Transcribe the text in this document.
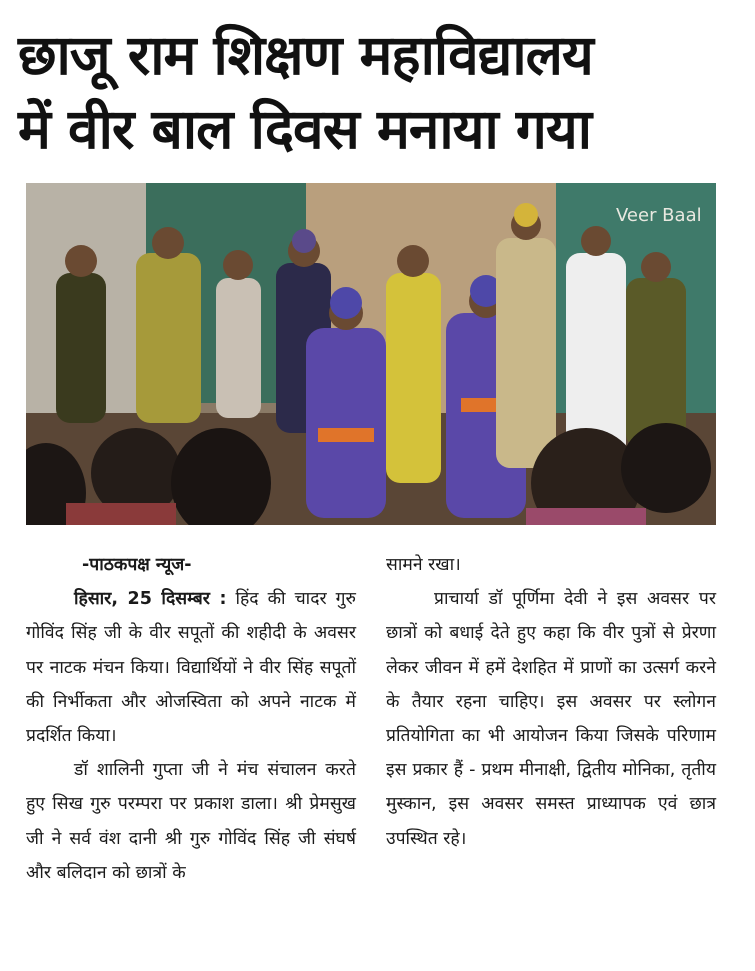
छाजू राम शिक्षण महाविद्यालय
में वीर बाल दिवस मनाया गया
Veer Baal

-पाठकपक्ष न्यूज-

हिसार, 25 दिसम्बर : हिंद की चादर गुरु गोविंद सिंह जी के वीर सपूतों की शहीदी के अवसर पर नाटक मंचन किया। विद्यार्थियों ने वीर सिंह सपूतों की निर्भीकता और ओजस्विता को अपने नाटक में प्रदर्शित किया।

डॉ शालिनी गुप्ता जी ने मंच संचालन करते हुए सिख गुरु परम्परा पर प्रकाश डाला। श्री प्रेमसुख जी ने सर्व वंश दानी श्री गुरु गोविंद सिंह जी संघर्ष और बलिदान को छात्रों के

सामने रखा।

प्राचार्या डॉ पूर्णिमा देवी ने इस अवसर पर छात्रों को बधाई देते हुए कहा कि वीर पुत्रों से प्रेरणा लेकर जीवन में हमें देशहित में प्राणों का उत्सर्ग करने के तैयार रहना चाहिए। इस अवसर पर स्लोगन प्रतियोगिता का भी आयोजन किया जिसके परिणाम इस प्रकार हैं - प्रथम मीनाक्षी, द्वितीय मोनिका, तृतीय मुस्कान, इस अवसर समस्त प्राध्यापक एवं छात्र उपस्थित रहे।
